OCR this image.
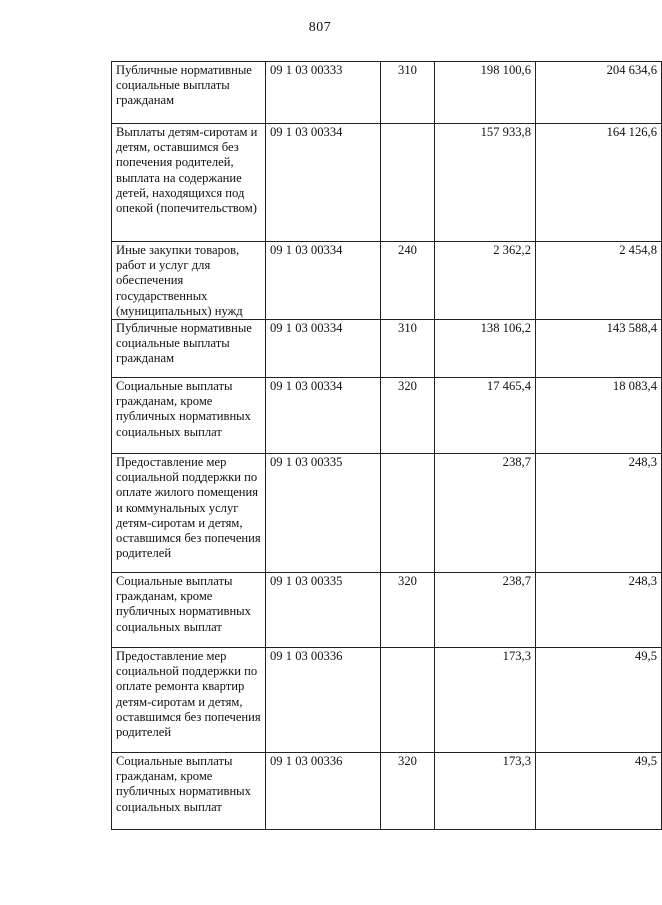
807
Публичные нормативные социальные выплаты гражданам	09 1 03 00333	310	198 100,6	204 634,6
Выплаты детям-сиротам и детям, оставшимся без попечения родителей, выплата на содержание детей, находящихся под опекой (попечительством)	09 1 03 00334		157 933,8	164 126,6
Иные закупки товаров, работ и услуг для обеспечения государственных (муниципальных) нужд	09 1 03 00334	240	2 362,2	2 454,8
Публичные нормативные социальные выплаты гражданам	09 1 03 00334	310	138 106,2	143 588,4
Социальные выплаты гражданам, кроме публичных нормативных социальных выплат	09 1 03 00334	320	17 465,4	18 083,4
Предоставление мер социальной поддержки по оплате жилого помещения и коммунальных услуг детям-сиротам и детям, оставшимся без попечения родителей	09 1 03 00335		238,7	248,3
Социальные выплаты гражданам, кроме публичных нормативных социальных выплат	09 1 03 00335	320	238,7	248,3
Предоставление мер социальной поддержки по оплате ремонта квартир детям-сиротам и детям, оставшимся без попечения родителей	09 1 03 00336		173,3	49,5
Социальные выплаты гражданам, кроме публичных нормативных социальных выплат	09 1 03 00336	320	173,3	49,5
